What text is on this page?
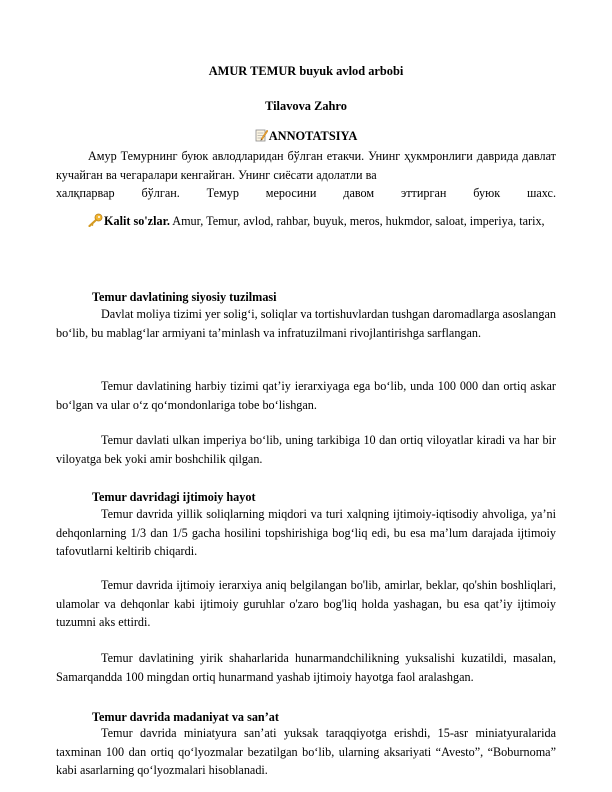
AMUR TEMUR buyuk avlod arbobi
Tilavova Zahro
ANNOTATSIYA

Амур Темурнинг буюк авлодларидан бўлган етакчи. Унинг ҳукмронлиги даврида давлат кучайган ва чегаралари кенгайган. Унинг сиёсати адолатли ва

халқпарвар бўлган. Темур меросини давом эттирган буюк шахс.

Kalit so'zlar. Amur, Temur, avlod, rahbar, buyuk, meros, hukmdor, saloat, imperiya, tarix,

Temur davlatining siyosiy tuzilmasi

Davlat moliya tizimi yer solig‘i, soliqlar va tortishuvlardan tushgan daromadlarga asoslangan bo‘lib, bu mablag‘lar armiyani ta’minlash va infratuzilmani rivojlantirishga sarflangan.

Temur davlatining harbiy tizimi qat’iy ierarxiyaga ega bo‘lib, unda 100 000 dan ortiq askar bo‘lgan va ular o‘z qo‘mondonlariga tobe bo‘lishgan.

Temur davlati ulkan imperiya bo‘lib, uning tarkibiga 10 dan ortiq viloyatlar kiradi va har bir viloyatga bek yoki amir boshchilik qilgan.

Temur davridagi ijtimoiy hayot

Temur davrida yillik soliqlarning miqdori va turi xalqning ijtimoiy-iqtisodiy ahvoliga, ya’ni dehqonlarning 1/3 dan 1/5 gacha hosilini topshirishiga bog‘liq edi, bu esa ma’lum darajada ijtimoiy tafovutlarni keltirib chiqardi.

Temur davrida ijtimoiy ierarxiya aniq belgilangan bo'lib, amirlar, beklar, qo'shin boshliqlari, ulamolar va dehqonlar kabi ijtimoiy guruhlar o'zaro bog'liq holda yashagan, bu esa qat’iy ijtimoiy tuzumni aks ettirdi.

Temur davlatining yirik shaharlarida hunarmandchilikning yuksalishi kuzatildi, masalan, Samarqandda 100 mingdan ortiq hunarmand yashab ijtimoiy hayotga faol aralashgan.

Temur davrida madaniyat va san’at

Temur davrida miniatyura san’ati yuksak taraqqiyotga erishdi, 15-asr miniatyuralarida taxminan 100 dan ortiq qo‘lyozmalar bezatilgan bo‘lib, ularning aksariyati “Avesto”, “Boburnoma” kabi asarlarning qo‘lyozmalari hisoblanadi.
